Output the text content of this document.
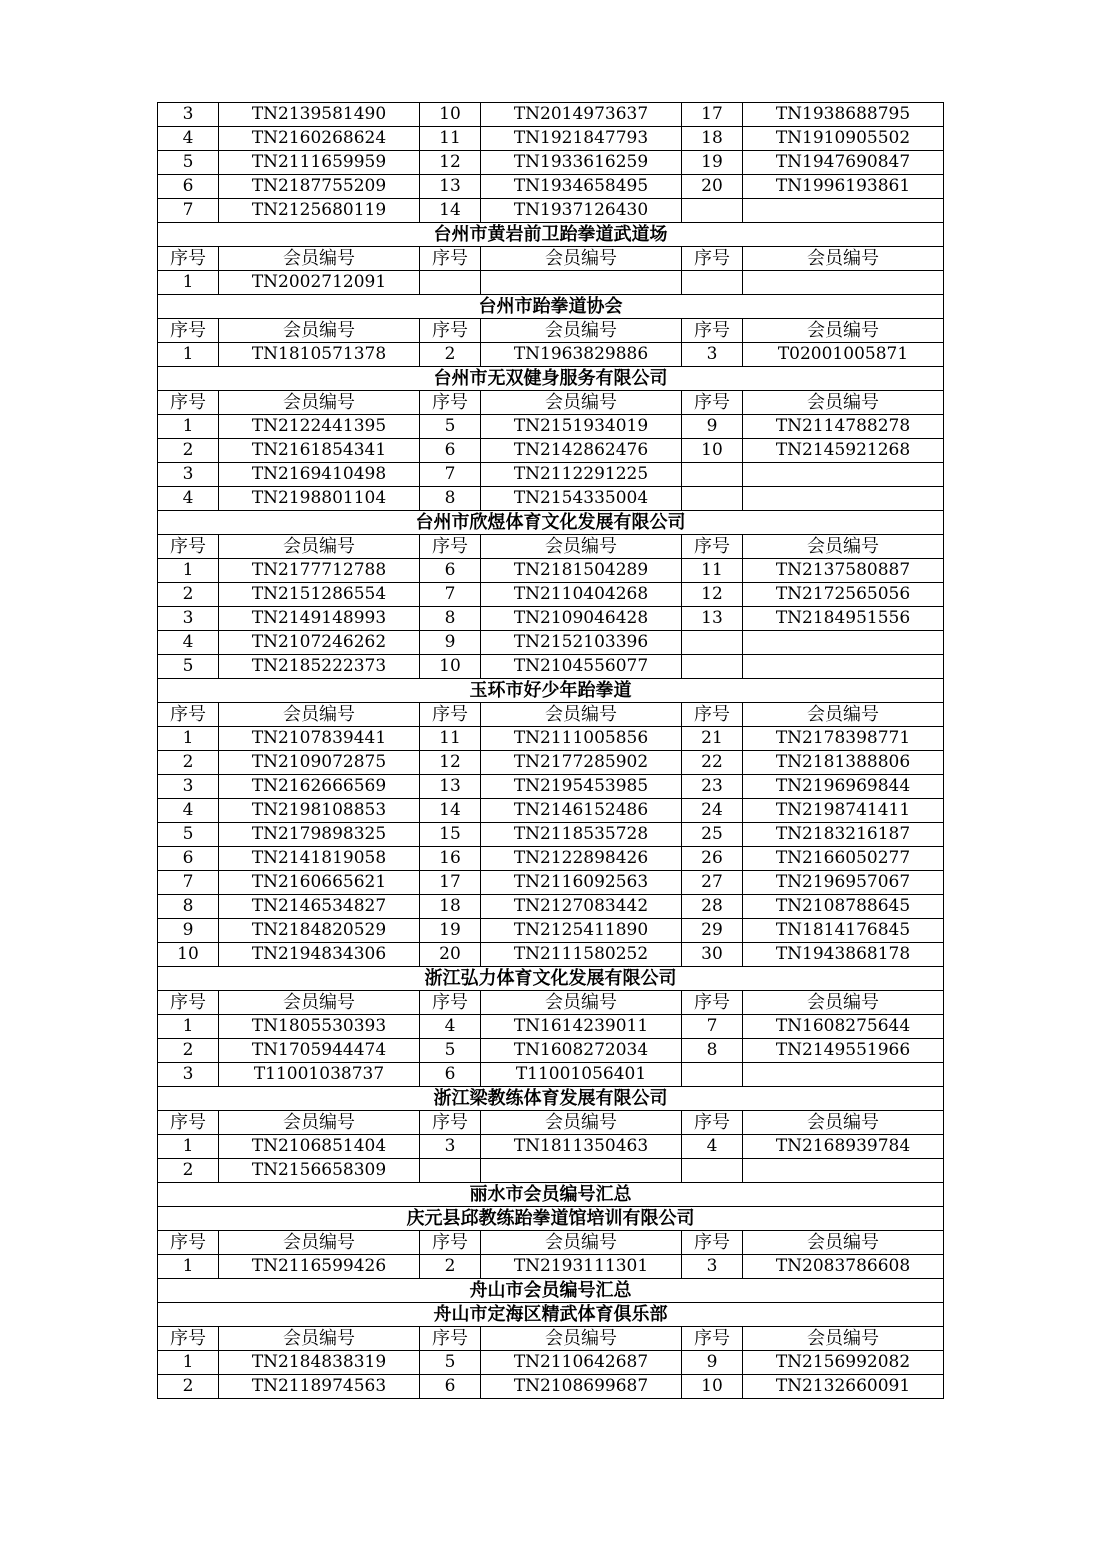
3	TN2139581490	10	TN2014973637	17	TN1938688795
4	TN2160268624	11	TN1921847793	18	TN1910905502
5	TN2111659959	12	TN1933616259	19	TN1947690847
6	TN2187755209	13	TN1934658495	20	TN1996193861
7	TN2125680119	14	TN1937126430		
台州市黄岩前卫跆拳道武道场					
序号	会员编号	序号	会员编号	序号	会员编号
1	TN2002712091				
台州市跆拳道协会					
序号	会员编号	序号	会员编号	序号	会员编号
1	TN1810571378	2	TN1963829886	3	T02001005871
台州市无双健身服务有限公司					
序号	会员编号	序号	会员编号	序号	会员编号
1	TN2122441395	5	TN2151934019	9	TN2114788278
2	TN2161854341	6	TN2142862476	10	TN2145921268
3	TN2169410498	7	TN2112291225		
4	TN2198801104	8	TN2154335004		
台州市欣煜体育文化发展有限公司					
序号	会员编号	序号	会员编号	序号	会员编号
1	TN2177712788	6	TN2181504289	11	TN2137580887
2	TN2151286554	7	TN2110404268	12	TN2172565056
3	TN2149148993	8	TN2109046428	13	TN2184951556
4	TN2107246262	9	TN2152103396		
5	TN2185222373	10	TN2104556077		
玉环市好少年跆拳道					
序号	会员编号	序号	会员编号	序号	会员编号
1	TN2107839441	11	TN2111005856	21	TN2178398771
2	TN2109072875	12	TN2177285902	22	TN2181388806
3	TN2162666569	13	TN2195453985	23	TN2196969844
4	TN2198108853	14	TN2146152486	24	TN2198741411
5	TN2179898325	15	TN2118535728	25	TN2183216187
6	TN2141819058	16	TN2122898426	26	TN2166050277
7	TN2160665621	17	TN2116092563	27	TN2196957067
8	TN2146534827	18	TN2127083442	28	TN2108788645
9	TN2184820529	19	TN2125411890	29	TN1814176845
10	TN2194834306	20	TN2111580252	30	TN1943868178
浙江弘力体育文化发展有限公司					
序号	会员编号	序号	会员编号	序号	会员编号
1	TN1805530393	4	TN1614239011	7	TN1608275644
2	TN1705944474	5	TN1608272034	8	TN2149551966
3	T11001038737	6	T11001056401		
浙江梁教练体育发展有限公司					
序号	会员编号	序号	会员编号	序号	会员编号
1	TN2106851404	3	TN1811350463	4	TN2168939784
2	TN2156658309				
丽水市会员编号汇总					
庆元县邱教练跆拳道馆培训有限公司					
序号	会员编号	序号	会员编号	序号	会员编号
1	TN2116599426	2	TN2193111301	3	TN2083786608
舟山市会员编号汇总					
舟山市定海区精武体育俱乐部					
序号	会员编号	序号	会员编号	序号	会员编号
1	TN2184838319	5	TN2110642687	9	TN2156992082
2	TN2118974563	6	TN2108699687	10	TN2132660091
